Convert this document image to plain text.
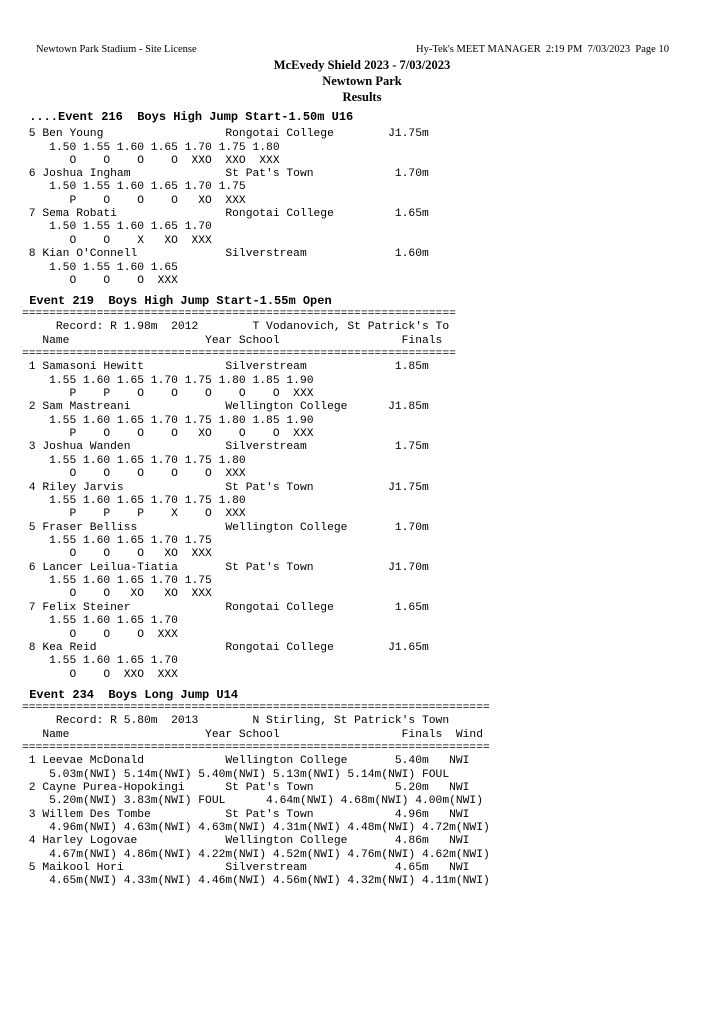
Newtown Park Stadium - Site License	Hy-Tek's MEET MANAGER  2:19 PM  7/03/2023  Page 10
McEvedy Shield 2023 - 7/03/2023
Newtown Park
Results
....Event 216  Boys High Jump Start-1.50m U16
5 Ben Young                  Rongotai College        J1.75m
1.50 1.55 1.60 1.65 1.70 1.75 1.80
O    O    O    O  XXO  XXO  XXX
6 Joshua Ingham              St Pat's Town            1.70m
1.50 1.55 1.60 1.65 1.70 1.75
P    O    O    O   XO  XXX
7 Sema Robati                Rongotai College         1.65m
1.50 1.55 1.60 1.65 1.70
O    O    X   XO  XXX
8 Kian O'Connell             Silverstream             1.60m
1.50 1.55 1.60 1.65
O    O    O  XXX
Event 219  Boys High Jump Start-1.55m Open
================================================================
Record: R 1.98m  2012        T Vodanovich, St Patrick's To
Name                    Year School                  Finals
================================================================
1 Samasoni Hewitt            Silverstream             1.85m
1.55 1.60 1.65 1.70 1.75 1.80 1.85 1.90
P    P    O    O    O    O    O  XXX
2 Sam Mastreani              Wellington College      J1.85m
1.55 1.60 1.65 1.70 1.75 1.80 1.85 1.90
P    O    O    O   XO    O    O  XXX
3 Joshua Wanden              Silverstream             1.75m
1.55 1.60 1.65 1.70 1.75 1.80
O    O    O    O    O  XXX
4 Riley Jarvis               St Pat's Town           J1.75m
1.55 1.60 1.65 1.70 1.75 1.80
P    P    P    X    O  XXX
5 Fraser Belliss             Wellington College       1.70m
1.55 1.60 1.65 1.70 1.75
O    O    O   XO  XXX
6 Lancer Leilua-Tiatia       St Pat's Town           J1.70m
1.55 1.60 1.65 1.70 1.75
O    O   XO   XO  XXX
7 Felix Steiner              Rongotai College         1.65m
1.55 1.60 1.65 1.70
O    O    O  XXX
8 Kea Reid                   Rongotai College        J1.65m
1.55 1.60 1.65 1.70
O    O  XXO  XXX
Event 234  Boys Long Jump U14
=====================================================================
Record: R 5.80m  2013        N Stirling, St Patrick's Town
Name                    Year School                  Finals  Wind
=====================================================================
1 Leevae McDonald            Wellington College       5.40m   NWI
5.03m(NWI) 5.14m(NWI) 5.40m(NWI) 5.13m(NWI) 5.14m(NWI) FOUL
2 Cayne Purea-Hopokingi      St Pat's Town            5.20m   NWI
5.20m(NWI) 3.83m(NWI) FOUL      4.64m(NWI) 4.68m(NWI) 4.00m(NWI)
3 Willem Des Tombe           St Pat's Town            4.96m   NWI
4.96m(NWI) 4.63m(NWI) 4.63m(NWI) 4.31m(NWI) 4.48m(NWI) 4.72m(NWI)
4 Harley Logovae             Wellington College       4.86m   NWI
4.67m(NWI) 4.86m(NWI) 4.22m(NWI) 4.52m(NWI) 4.76m(NWI) 4.62m(NWI)
5 Maikool Hori               Silverstream             4.65m   NWI
4.65m(NWI) 4.33m(NWI) 4.46m(NWI) 4.56m(NWI) 4.32m(NWI) 4.11m(NWI)
